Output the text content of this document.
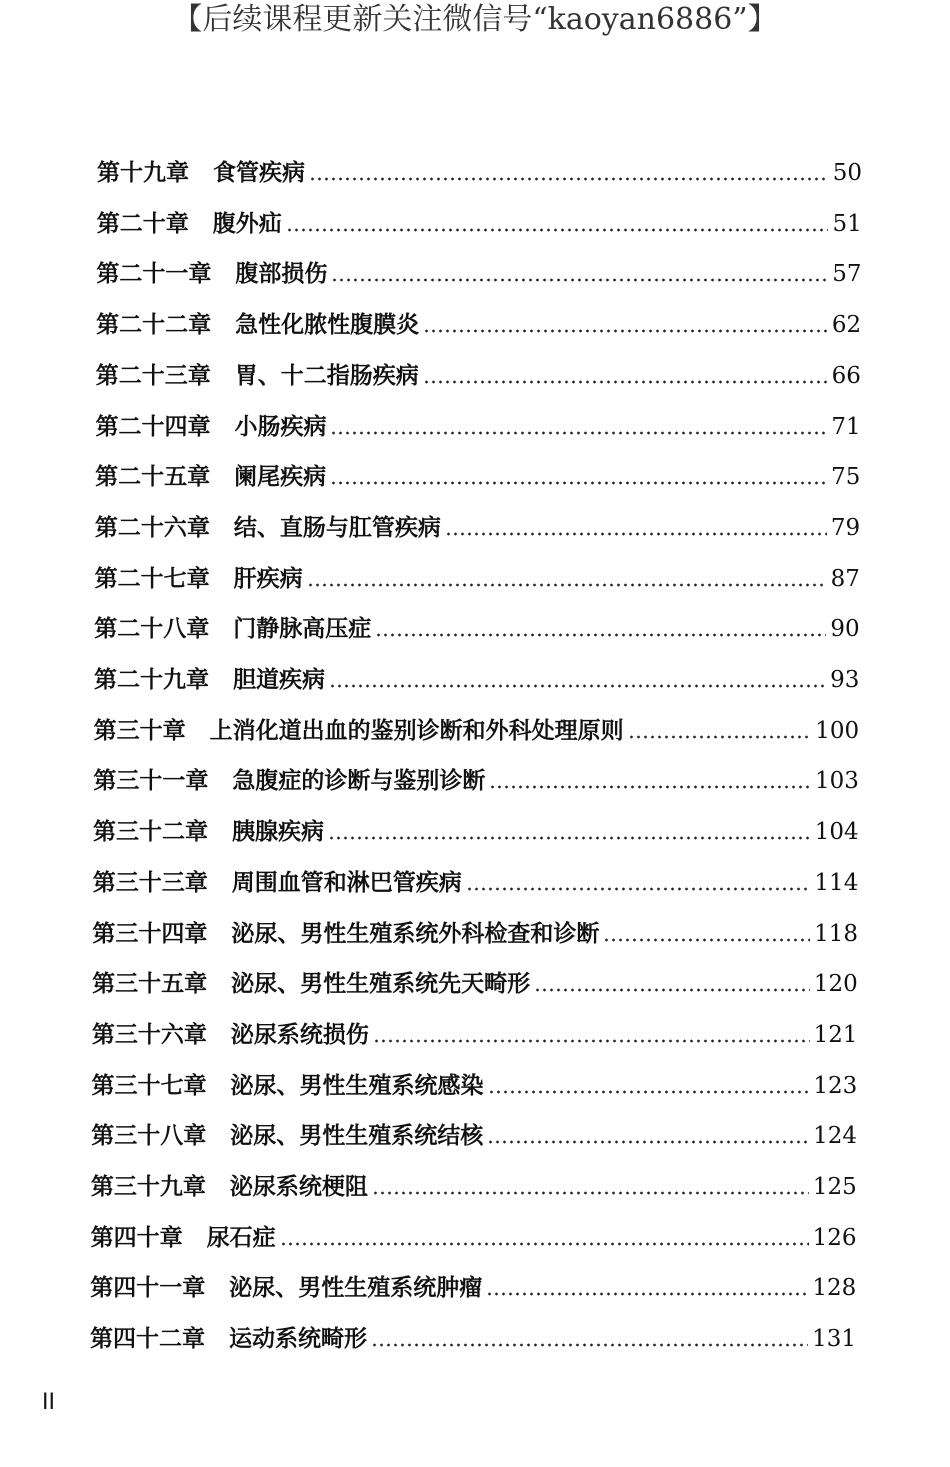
【后续课程更新关注微信号“kaoyan6886”】
第十九章 食管疾病	50
第二十章 腹外疝	51
第二十一章 腹部损伤	57
第二十二章 急性化脓性腹膜炎	62
第二十三章 胃、十二指肠疾病	66
第二十四章 小肠疾病	71
第二十五章 阑尾疾病	75
第二十六章 结、直肠与肛管疾病	79
第二十七章 肝疾病	87
第二十八章 门静脉高压症	90
第二十九章 胆道疾病	93
第三十章 上消化道出血的鉴别诊断和外科处理原则	100
第三十一章 急腹症的诊断与鉴别诊断	103
第三十二章 胰腺疾病	104
第三十三章 周围血管和淋巴管疾病	114
第三十四章 泌尿、男性生殖系统外科检查和诊断	118
第三十五章 泌尿、男性生殖系统先天畸形	120
第三十六章 泌尿系统损伤	121
第三十七章 泌尿、男性生殖系统感染	123
第三十八章 泌尿、男性生殖系统结核	124
第三十九章 泌尿系统梗阻	125
第四十章 尿石症	126
第四十一章 泌尿、男性生殖系统肿瘤	128
第四十二章 运动系统畸形	131
II
